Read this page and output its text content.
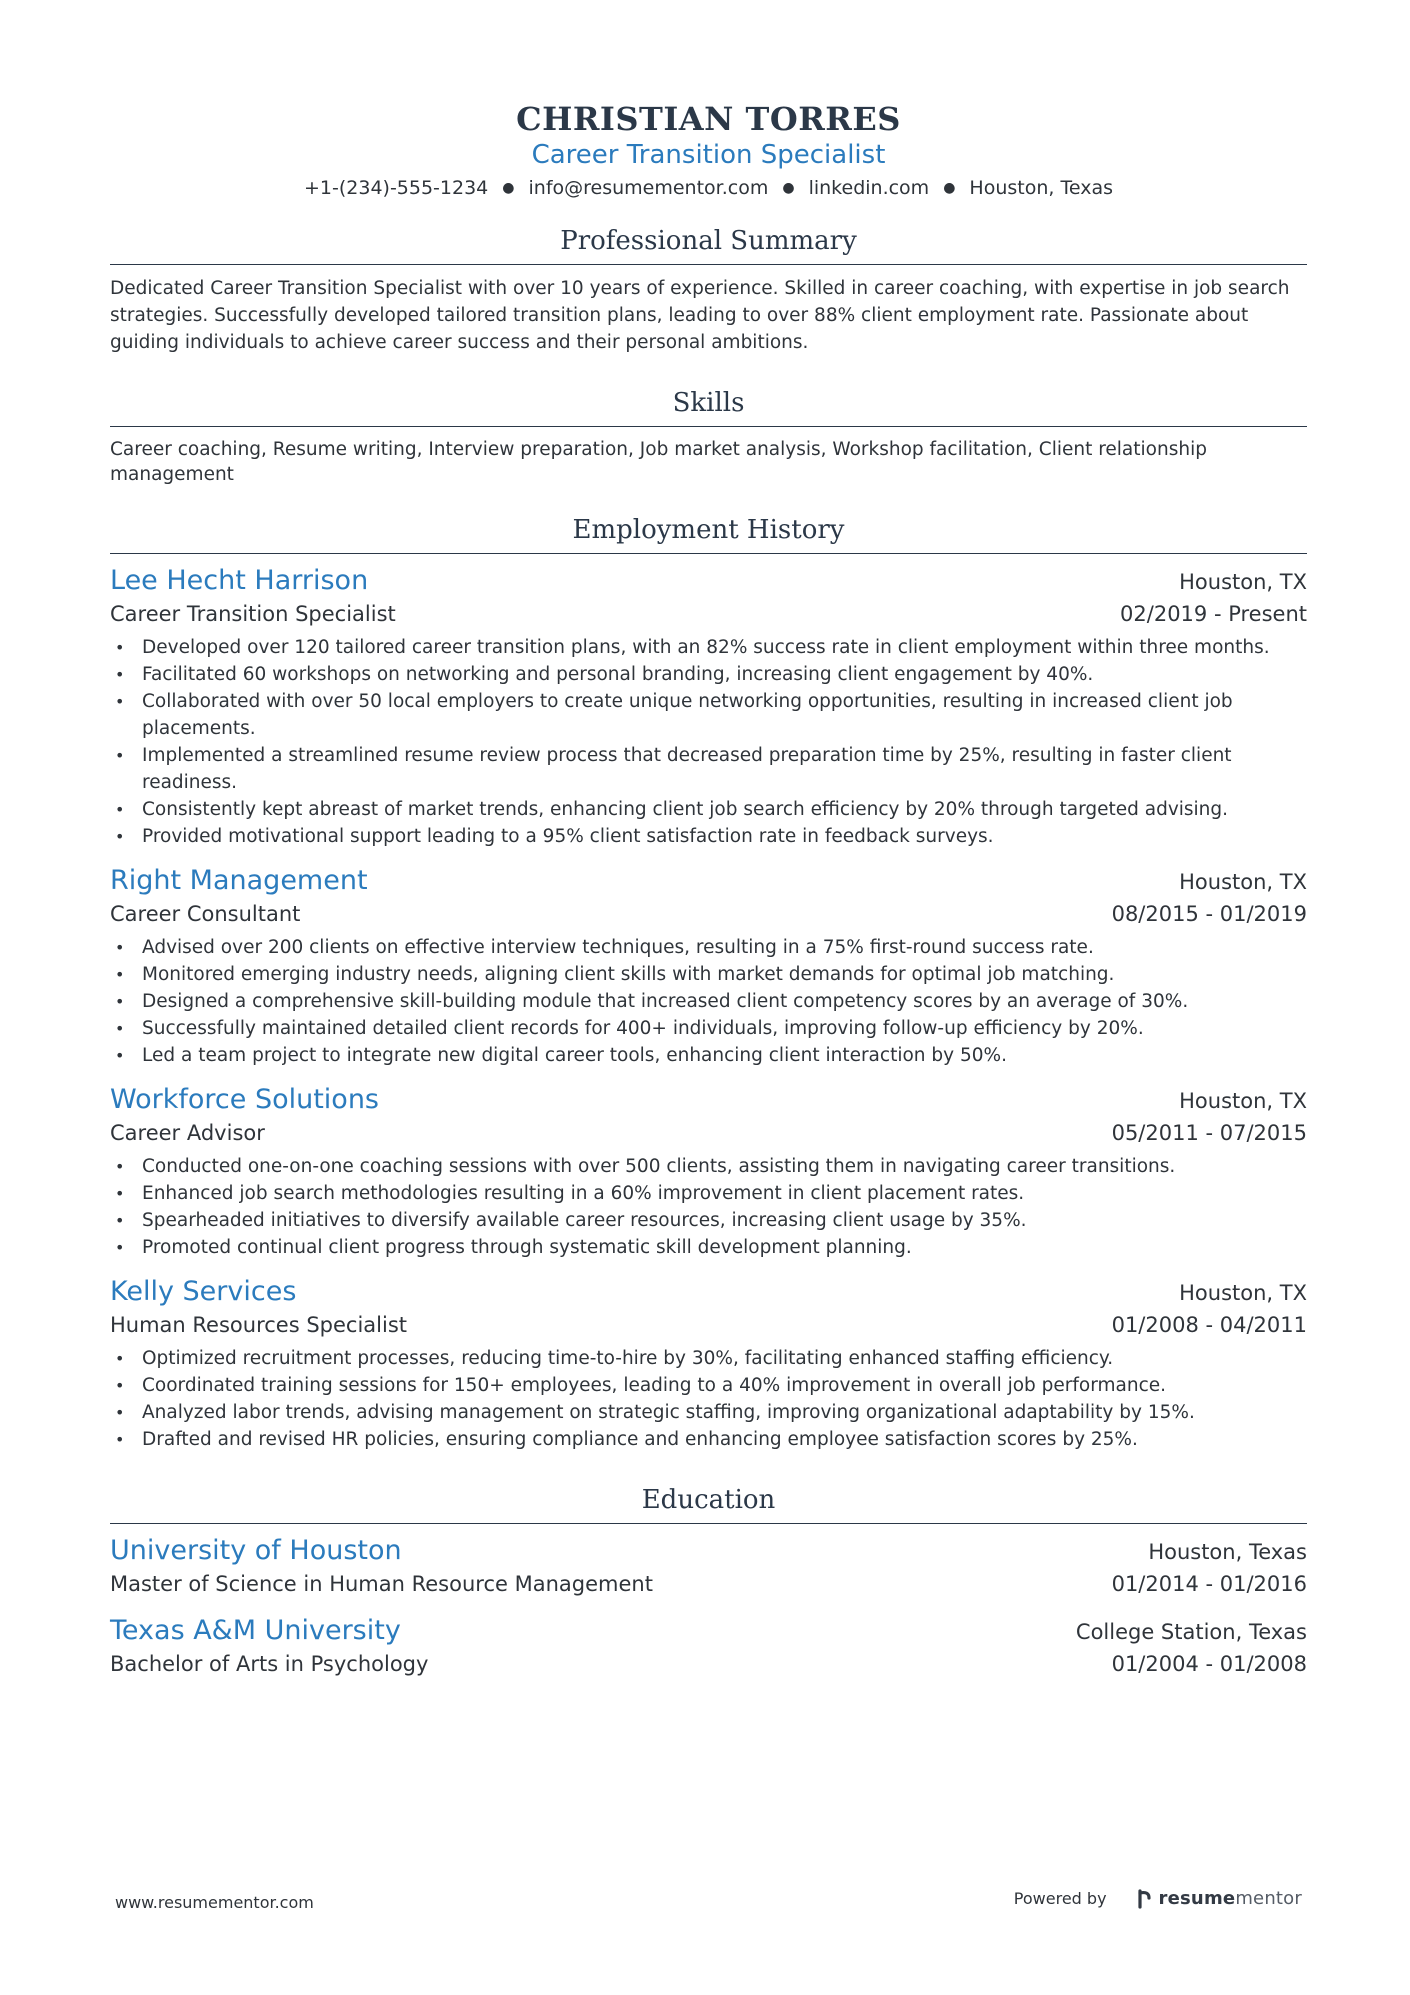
CHRISTIAN TORRES
Career Transition Specialist
+1-(234)-555-1234 ● info@resumementor.com ● linkedin.com ● Houston, Texas
Professional Summary
Dedicated Career Transition Specialist with over 10 years of experience. Skilled in career coaching, with expertise in job search strategies. Successfully developed tailored transition plans, leading to over 88% client employment rate. Passionate about guiding individuals to achieve career success and their personal ambitions.
Skills
Career coaching, Resume writing, Interview preparation, Job market analysis, Workshop facilitation, Client relationship management
Employment History
Lee Hecht Harrison	Houston, TX
Career Transition Specialist	02/2019 - Present
• Developed over 120 tailored career transition plans, with an 82% success rate in client employment within three months.
• Facilitated 60 workshops on networking and personal branding, increasing client engagement by 40%.
• Collaborated with over 50 local employers to create unique networking opportunities, resulting in increased client job placements.
• Implemented a streamlined resume review process that decreased preparation time by 25%, resulting in faster client readiness.
• Consistently kept abreast of market trends, enhancing client job search efficiency by 20% through targeted advising.
• Provided motivational support leading to a 95% client satisfaction rate in feedback surveys.
Right Management	Houston, TX
Career Consultant	08/2015 - 01/2019
• Advised over 200 clients on effective interview techniques, resulting in a 75% first-round success rate.
• Monitored emerging industry needs, aligning client skills with market demands for optimal job matching.
• Designed a comprehensive skill-building module that increased client competency scores by an average of 30%.
• Successfully maintained detailed client records for 400+ individuals, improving follow-up efficiency by 20%.
• Led a team project to integrate new digital career tools, enhancing client interaction by 50%.
Workforce Solutions	Houston, TX
Career Advisor	05/2011 - 07/2015
• Conducted one-on-one coaching sessions with over 500 clients, assisting them in navigating career transitions.
• Enhanced job search methodologies resulting in a 60% improvement in client placement rates.
• Spearheaded initiatives to diversify available career resources, increasing client usage by 35%.
• Promoted continual client progress through systematic skill development planning.
Kelly Services	Houston, TX
Human Resources Specialist	01/2008 - 04/2011
• Optimized recruitment processes, reducing time-to-hire by 30%, facilitating enhanced staffing efficiency.
• Coordinated training sessions for 150+ employees, leading to a 40% improvement in overall job performance.
• Analyzed labor trends, advising management on strategic staffing, improving organizational adaptability by 15%.
• Drafted and revised HR policies, ensuring compliance and enhancing employee satisfaction scores by 25%.
Education
University of Houston	Houston, Texas
Master of Science in Human Resource Management	01/2014 - 01/2016
Texas A&M University	College Station, Texas
Bachelor of Arts in Psychology	01/2004 - 01/2008
www.resumementor.com	Powered by	resume mentor
